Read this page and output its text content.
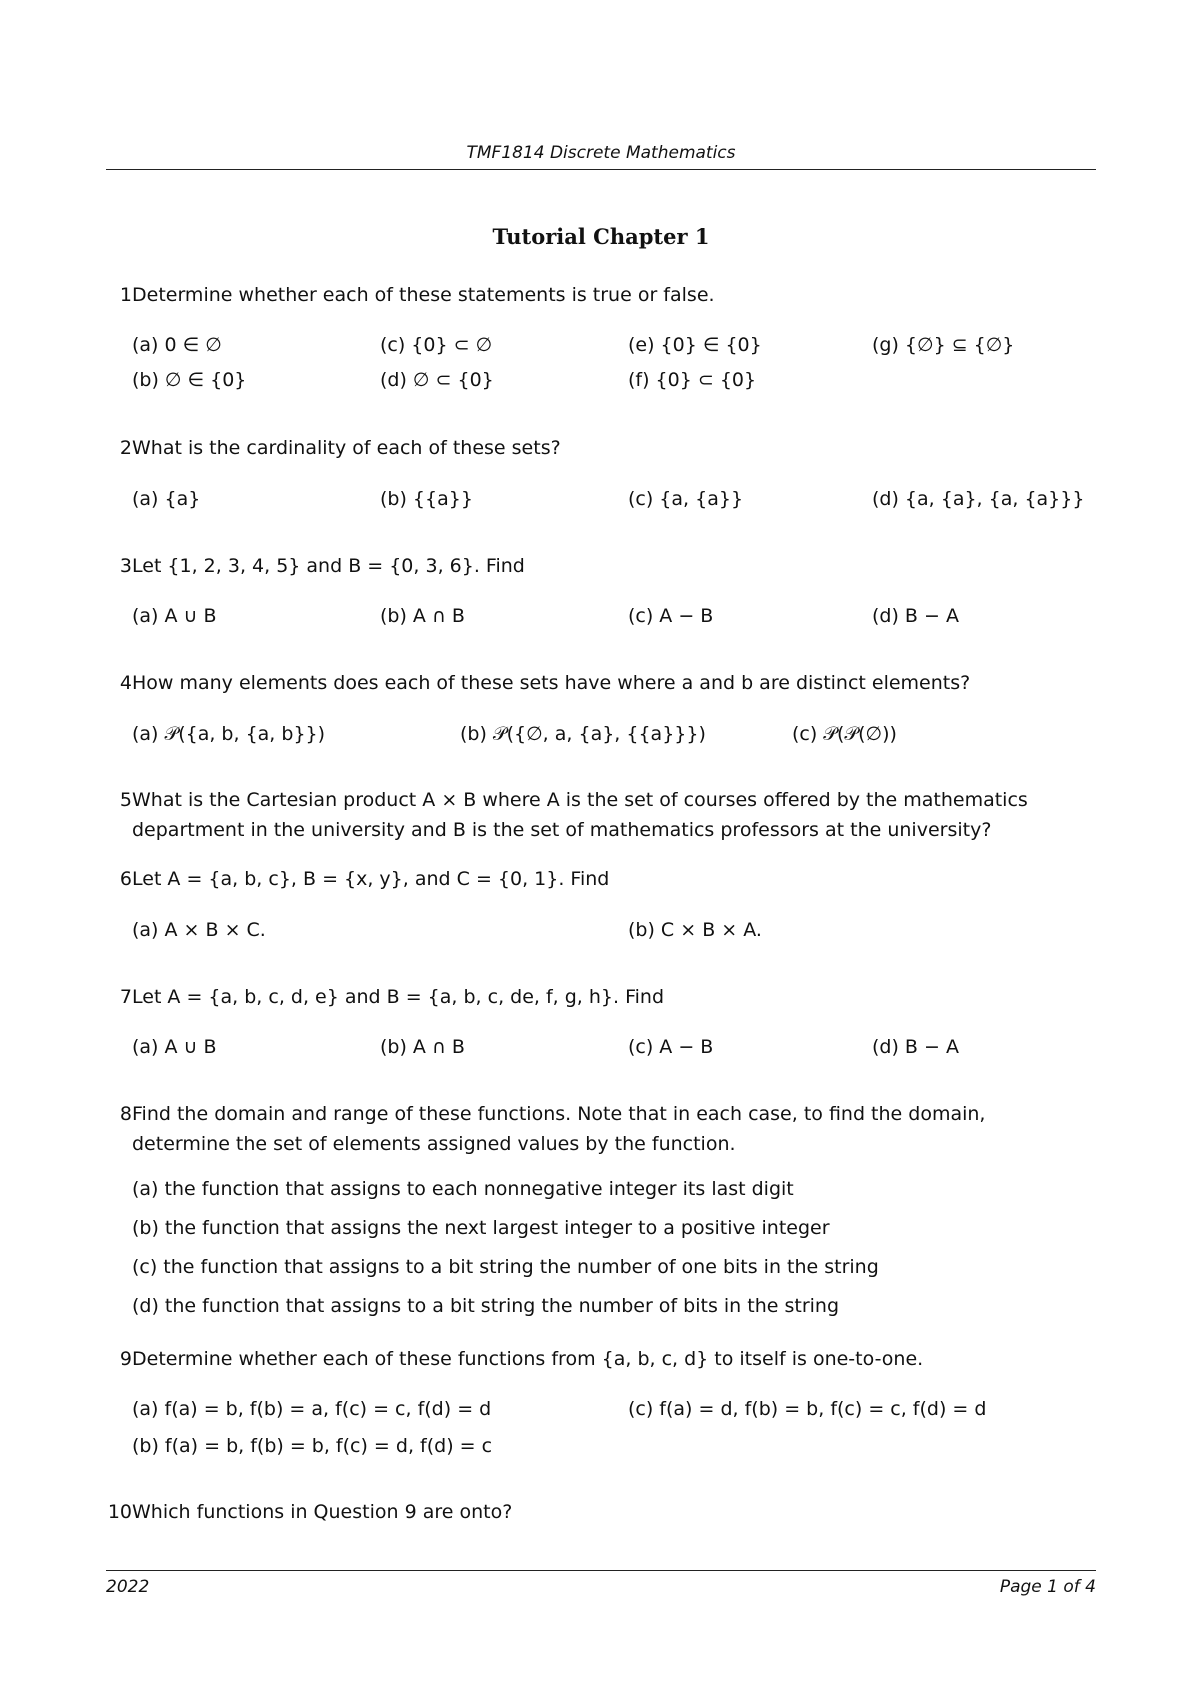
TMF1814 Discrete Mathematics
Tutorial Chapter 1
1 Determine whether each of these statements is true or false.
(a) 0 ∈ ∅
(b) ∅ ∈ {0}
(c) {0} ⊂ ∅
(d) ∅ ⊂ {0}
(e) {0} ∈ {0}
(f) {0} ⊂ {0}
(g) {∅} ⊆ {∅}
2 What is the cardinality of each of these sets?
(a) {a}	(b) {{a}}	(c) {a, {a}}	(d) {a, {a}, {a, {a}}}
3 Let {1, 2, 3, 4, 5} and B = {0, 3, 6}. Find
(a) A ∪ B	(b) A ∩ B	(c) A − B	(d) B − A
4 How many elements does each of these sets have where a and b are distinct elements?
(a) 𝒫({a, b, {a, b}})	(b) 𝒫({∅, a, {a}, {{a}}})	(c) 𝒫(𝒫(∅))
5 What is the Cartesian product A × B where A is the set of courses offered by the mathematics
department in the university and B is the set of mathematics professors at the university?
6 Let A = {a, b, c}, B = {x, y}, and C = {0, 1}. Find
(a) A × B × C.	(b) C × B × A.
7 Let A = {a, b, c, d, e} and B = {a, b, c, de, f, g, h}. Find
(a) A ∪ B	(b) A ∩ B	(c) A − B	(d) B − A
8 Find the domain and range of these functions. Note that in each case, to find the domain,
determine the set of elements assigned values by the function.
(a) the function that assigns to each nonnegative integer its last digit
(b) the function that assigns the next largest integer to a positive integer
(c) the function that assigns to a bit string the number of one bits in the string
(d) the function that assigns to a bit string the number of bits in the string
9 Determine whether each of these functions from {a, b, c, d} to itself is one-to-one.
(a) f(a) = b, f(b) = a, f(c) = c, f(d) = d
(b) f(a) = b, f(b) = b, f(c) = d, f(d) = c
(c) f(a) = d, f(b) = b, f(c) = c, f(d) = d
10 Which functions in Question 9 are onto?
2022	Page 1 of 4
